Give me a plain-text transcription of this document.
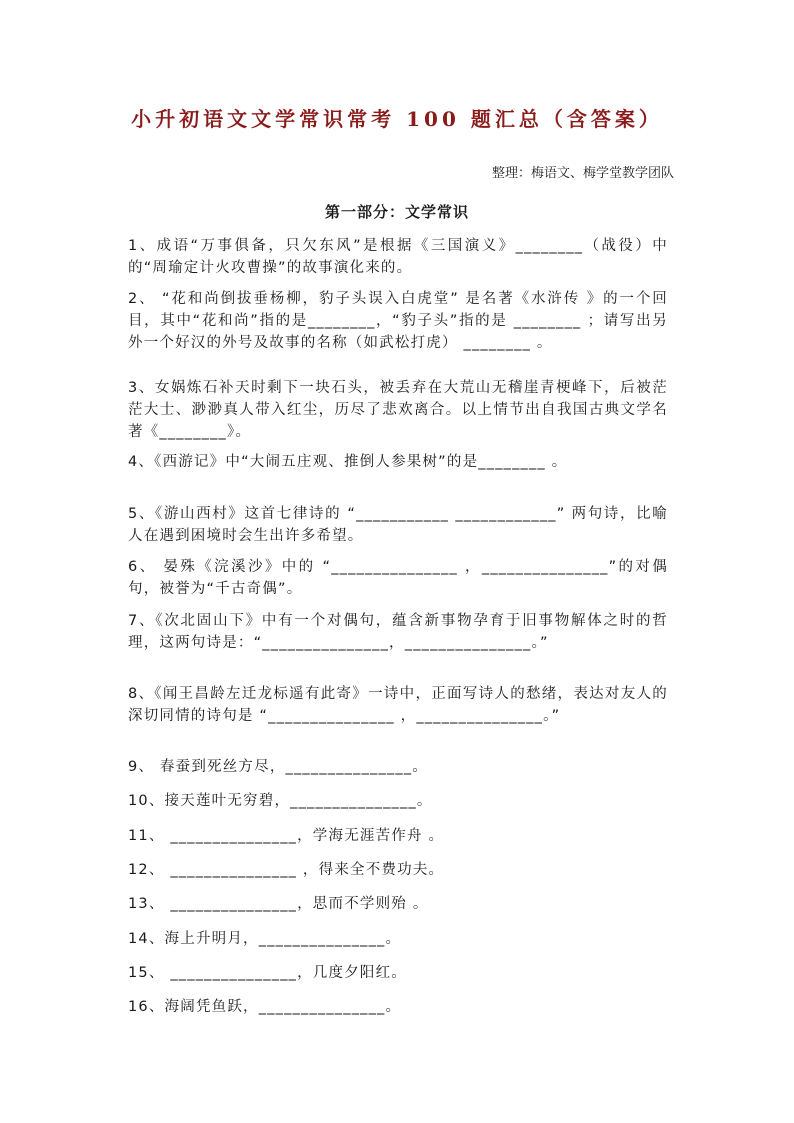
小升初语文文学常识常考 100 题汇总（含答案）
整理：梅语文、梅学堂教学团队
第一部分：文学常识
1、成语“万事俱备，只欠东风”是根据《三国演义》________（战役）中的“周瑜定计火攻曹操”的故事演化来的。
2、 “花和尚倒拔垂杨柳，豹子头误入白虎堂” 是名著《水浒传 》的一个回目，其中“花和尚”指的是________，“豹子头”指的是 ________ ；请写出另外一个好汉的外号及故事的名称（如武松打虎） ________ 。
3、女娲炼石补天时剩下一块石头，被丢弃在大荒山无稽崖青梗峰下，后被茫茫大士、渺渺真人带入红尘，历尽了悲欢离合。以上情节出自我国古典文学名著《________》。
4、《西游记》中“大闹五庄观、推倒人参果树”的是________ 。
5、《游山西村》这首七律诗的 “___________ ____________” 两句诗，比喻人在遇到困境时会生出许多希望。
6、 晏殊《浣溪沙》中的 “_______________ ，_______________”的对偶句，被誉为“千古奇偶”。
7、《次北固山下》中有一个对偶句，蕴含新事物孕育于旧事物解体之时的哲理，这两句诗是：“_______________，_______________。”
8、《闻王昌龄左迁龙标遥有此寄》一诗中，正面写诗人的愁绪，表达对友人的深切同情的诗句是 “_______________ ，_______________。”
9、 春蚕到死丝方尽，_______________。
10、接天莲叶无穷碧，_______________。
11、 _______________，学海无涯苦作舟 。
12、 _______________ ，得来全不费功夫。
13、 _______________，思而不学则殆 。
14、海上升明月，_______________。
15、 _______________，几度夕阳红。
16、海阔凭鱼跃，_______________。
